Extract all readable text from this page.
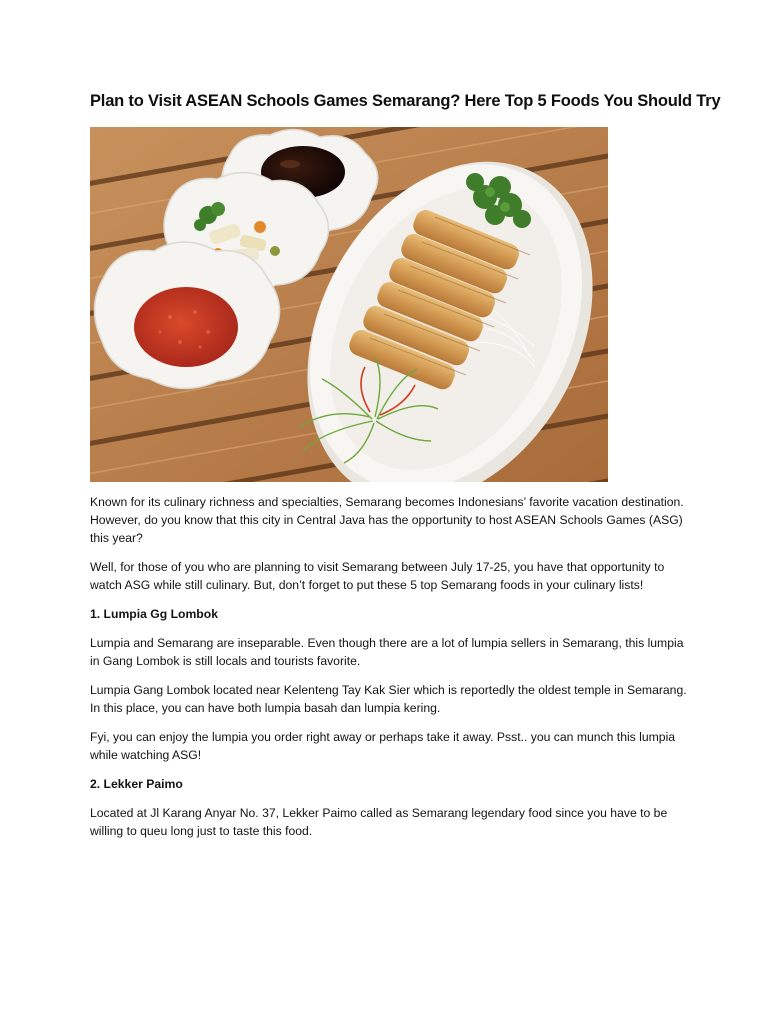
Plan to Visit ASEAN Schools Games Semarang? Here Top 5 Foods You Should Try

Known for its culinary richness and specialties, Semarang becomes Indonesians’ favorite vacation destination. However, do you know that this city in Central Java has the opportunity to host ASEAN Schools Games (ASG) this year?

Well, for those of you who are planning to visit Semarang between July 17-25, you have that opportunity to watch ASG while still culinary. But, don’t forget to put these 5 top Semarang foods in your culinary lists!

1. Lumpia Gg Lombok

Lumpia and Semarang are inseparable. Even though there are a lot of lumpia sellers in Semarang, this lumpia in Gang Lombok is still locals and tourists favorite.

Lumpia Gang Lombok located near Kelenteng Tay Kak Sier which is reportedly the oldest temple in Semarang. In this place, you can have both lumpia basah dan lumpia kering.

Fyi, you can enjoy the lumpia you order right away or perhaps take it away. Psst.. you can munch this lumpia while watching ASG!

2. Lekker Paimo

Located at Jl Karang Anyar No. 37, Lekker Paimo called as Semarang legendary food since you have to be willing to queu long just to taste this food.
